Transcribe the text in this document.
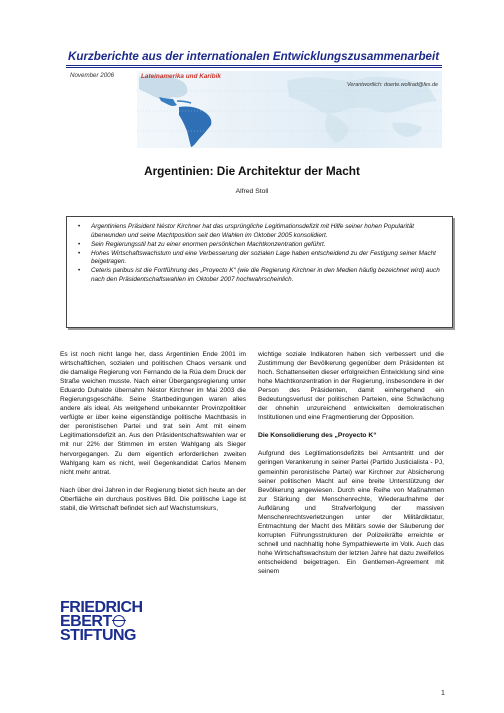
Kurzberichte aus der internationalen Entwicklungszusammenarbeit
November 2006	Lateinamerika und Karibik
Verantwortlich: doerte.wollrad@fes.de
Argentinien: Die Architektur der Macht
Alfred Stoll
• Argentiniens Präsident Néstor Kirchner hat das ursprüngliche Legitimationsdefizit mit Hilfe seiner hohen Popularität überwunden und seine Machtposition seit den Wahlen im Oktober 2005 konsolidiert.
• Sein Regierungsstil hat zu einer enormen persönlichen Machtkonzentration geführt.
• Hohes Wirtschaftswachstum und eine Verbesserung der sozialen Lage haben entscheidend zu der Festigung seiner Macht beigetragen.
• Ceteris paribus ist die Fortführung des „Proyecto K“ (wie die Regierung Kirchner in den Medien häufig bezeichnet wird) auch nach den Präsidentschaftswahlen im Oktober 2007 hochwahrscheinlich.

Es ist noch nicht lange her, dass Argentinien Ende 2001 im wirtschaftlichen, sozialen und politischen Chaos versank und die damalige Regierung von Fernando de la Rúa dem Druck der Straße weichen musste. Nach einer Übergangsregierung unter Eduardo Duhalde übernahm Néstor Kirchner im Mai 2003 die Regierungsgeschäfte. Seine Startbedingungen waren alles andere als ideal. Als weitgehend unbekannter Provinzpolitiker verfügte er über keine eigenständige politische Machtbasis in der peronistischen Partei und trat sein Amt mit einem Legitimationsdefizit an. Aus den Präsidentschaftswahlen war er mit nur 22% der Stimmen im ersten Wahlgang als Sieger hervorgegangen. Zu dem eigentlich erforderlichen zweiten Wahlgang kam es nicht, weil Gegenkandidat Carlos Menem nicht mehr antrat.

Nach über drei Jahren in der Regierung bietet sich heute an der Oberfläche ein durchaus positives Bild. Die politische Lage ist stabil, die Wirtschaft befindet sich auf Wachstumskurs,

wichtige soziale Indikatoren haben sich verbessert und die Zustimmung der Bevölkerung gegenüber dem Präsidenten ist hoch. Schattenseiten dieser erfolgreichen Entwicklung sind eine hohe Machtkonzentration in der Regierung, insbesondere in der Person des Präsidenten, damit einhergehend ein Bedeutungsverlust der politischen Parteien, eine Schwächung der ohnehin unzureichend entwickelten demokratischen Institutionen und eine Fragmentierung der Opposition.

Die Konsolidierung des „Proyecto K“

Aufgrund des Legitimationsdefizits bei Amtsantritt und der geringen Verankerung in seiner Partei (Partido Justicialista - PJ, gemeinhin peronistische Partei) war Kirchner zur Absicherung seiner politischen Macht auf eine breite Unterstützung der Bevölkerung angewiesen. Durch eine Reihe von Maßnahmen zur Stärkung der Menschenrechte, Wiederaufnahme der Aufklärung und Strafverfolgung der massiven Menschenrechtsverletzungen unter der Militärdiktatur, Entmachtung der Macht des Militärs sowie der Säuberung der korrupten Führungsstrukturen der Polizeikräfte erreichte er schnell und nachhaltig hohe Sympathiewerte im Volk. Auch das hohe Wirtschaftswachstum der letzten Jahre hat dazu zweifellos entscheidend beigetragen. Ein Gentlemen-Agreement mit seinem

FRIEDRICH
EBERT
STIFTUNG
1
